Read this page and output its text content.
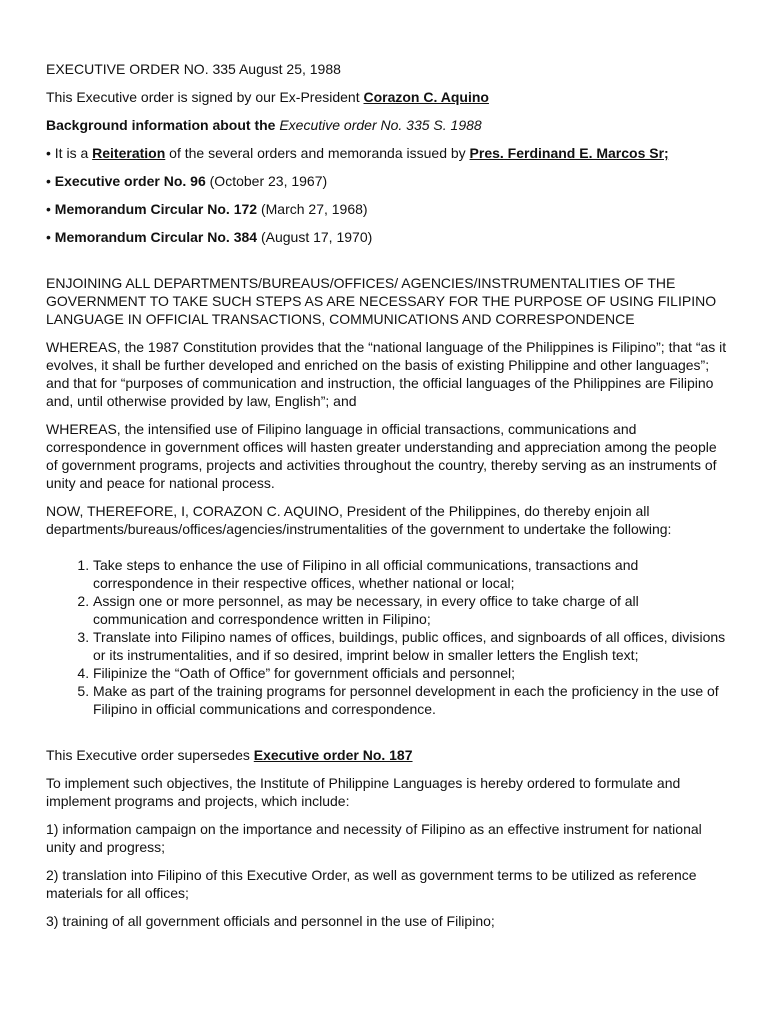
EXECUTIVE ORDER NO. 335 August 25, 1988

This Executive order is signed by our Ex-President Corazon C. Aquino

Background information about the Executive order No. 335 S. 1988

• It is a Reiteration of the several orders and memoranda issued by Pres. Ferdinand E. Marcos Sr;

• Executive order No. 96 (October 23, 1967)

• Memorandum Circular No. 172 (March 27, 1968)

• Memorandum Circular No. 384 (August 17, 1970)

ENJOINING ALL DEPARTMENTS/BUREAUS/OFFICES/ AGENCIES/INSTRUMENTALITIES OF THE GOVERNMENT TO TAKE SUCH STEPS AS ARE NECESSARY FOR THE PURPOSE OF USING FILIPINO LANGUAGE IN OFFICIAL TRANSACTIONS, COMMUNICATIONS AND CORRESPONDENCE

WHEREAS, the 1987 Constitution provides that the “national language of the Philippines is Filipino”; that “as it evolves, it shall be further developed and enriched on the basis of existing Philippine and other languages”; and that for “purposes of communication and instruction, the official languages of the Philippines are Filipino and, until otherwise provided by law, English”; and

WHEREAS, the intensified use of Filipino language in official transactions, communications and correspondence in government offices will hasten greater understanding and appreciation among the people of government programs, projects and activities throughout the country, thereby serving as an instruments of unity and peace for national process.

NOW, THEREFORE, I, CORAZON C. AQUINO, President of the Philippines, do thereby enjoin all departments/bureaus/offices/agencies/instrumentalities of the government to undertake the following:

1. Take steps to enhance the use of Filipino in all official communications, transactions and correspondence in their respective offices, whether national or local;
2. Assign one or more personnel, as may be necessary, in every office to take charge of all communication and correspondence written in Filipino;
3. Translate into Filipino names of offices, buildings, public offices, and signboards of all offices, divisions or its instrumentalities, and if so desired, imprint below in smaller letters the English text;
4. Filipinize the “Oath of Office” for government officials and personnel;
5. Make as part of the training programs for personnel development in each the proficiency in the use of Filipino in official communications and correspondence.

This Executive order supersedes Executive order No. 187

To implement such objectives, the Institute of Philippine Languages is hereby ordered to formulate and implement programs and projects, which include:

1) information campaign on the importance and necessity of Filipino as an effective instrument for national unity and progress;

2) translation into Filipino of this Executive Order, as well as government terms to be utilized as reference materials for all offices;

3) training of all government officials and personnel in the use of Filipino;
